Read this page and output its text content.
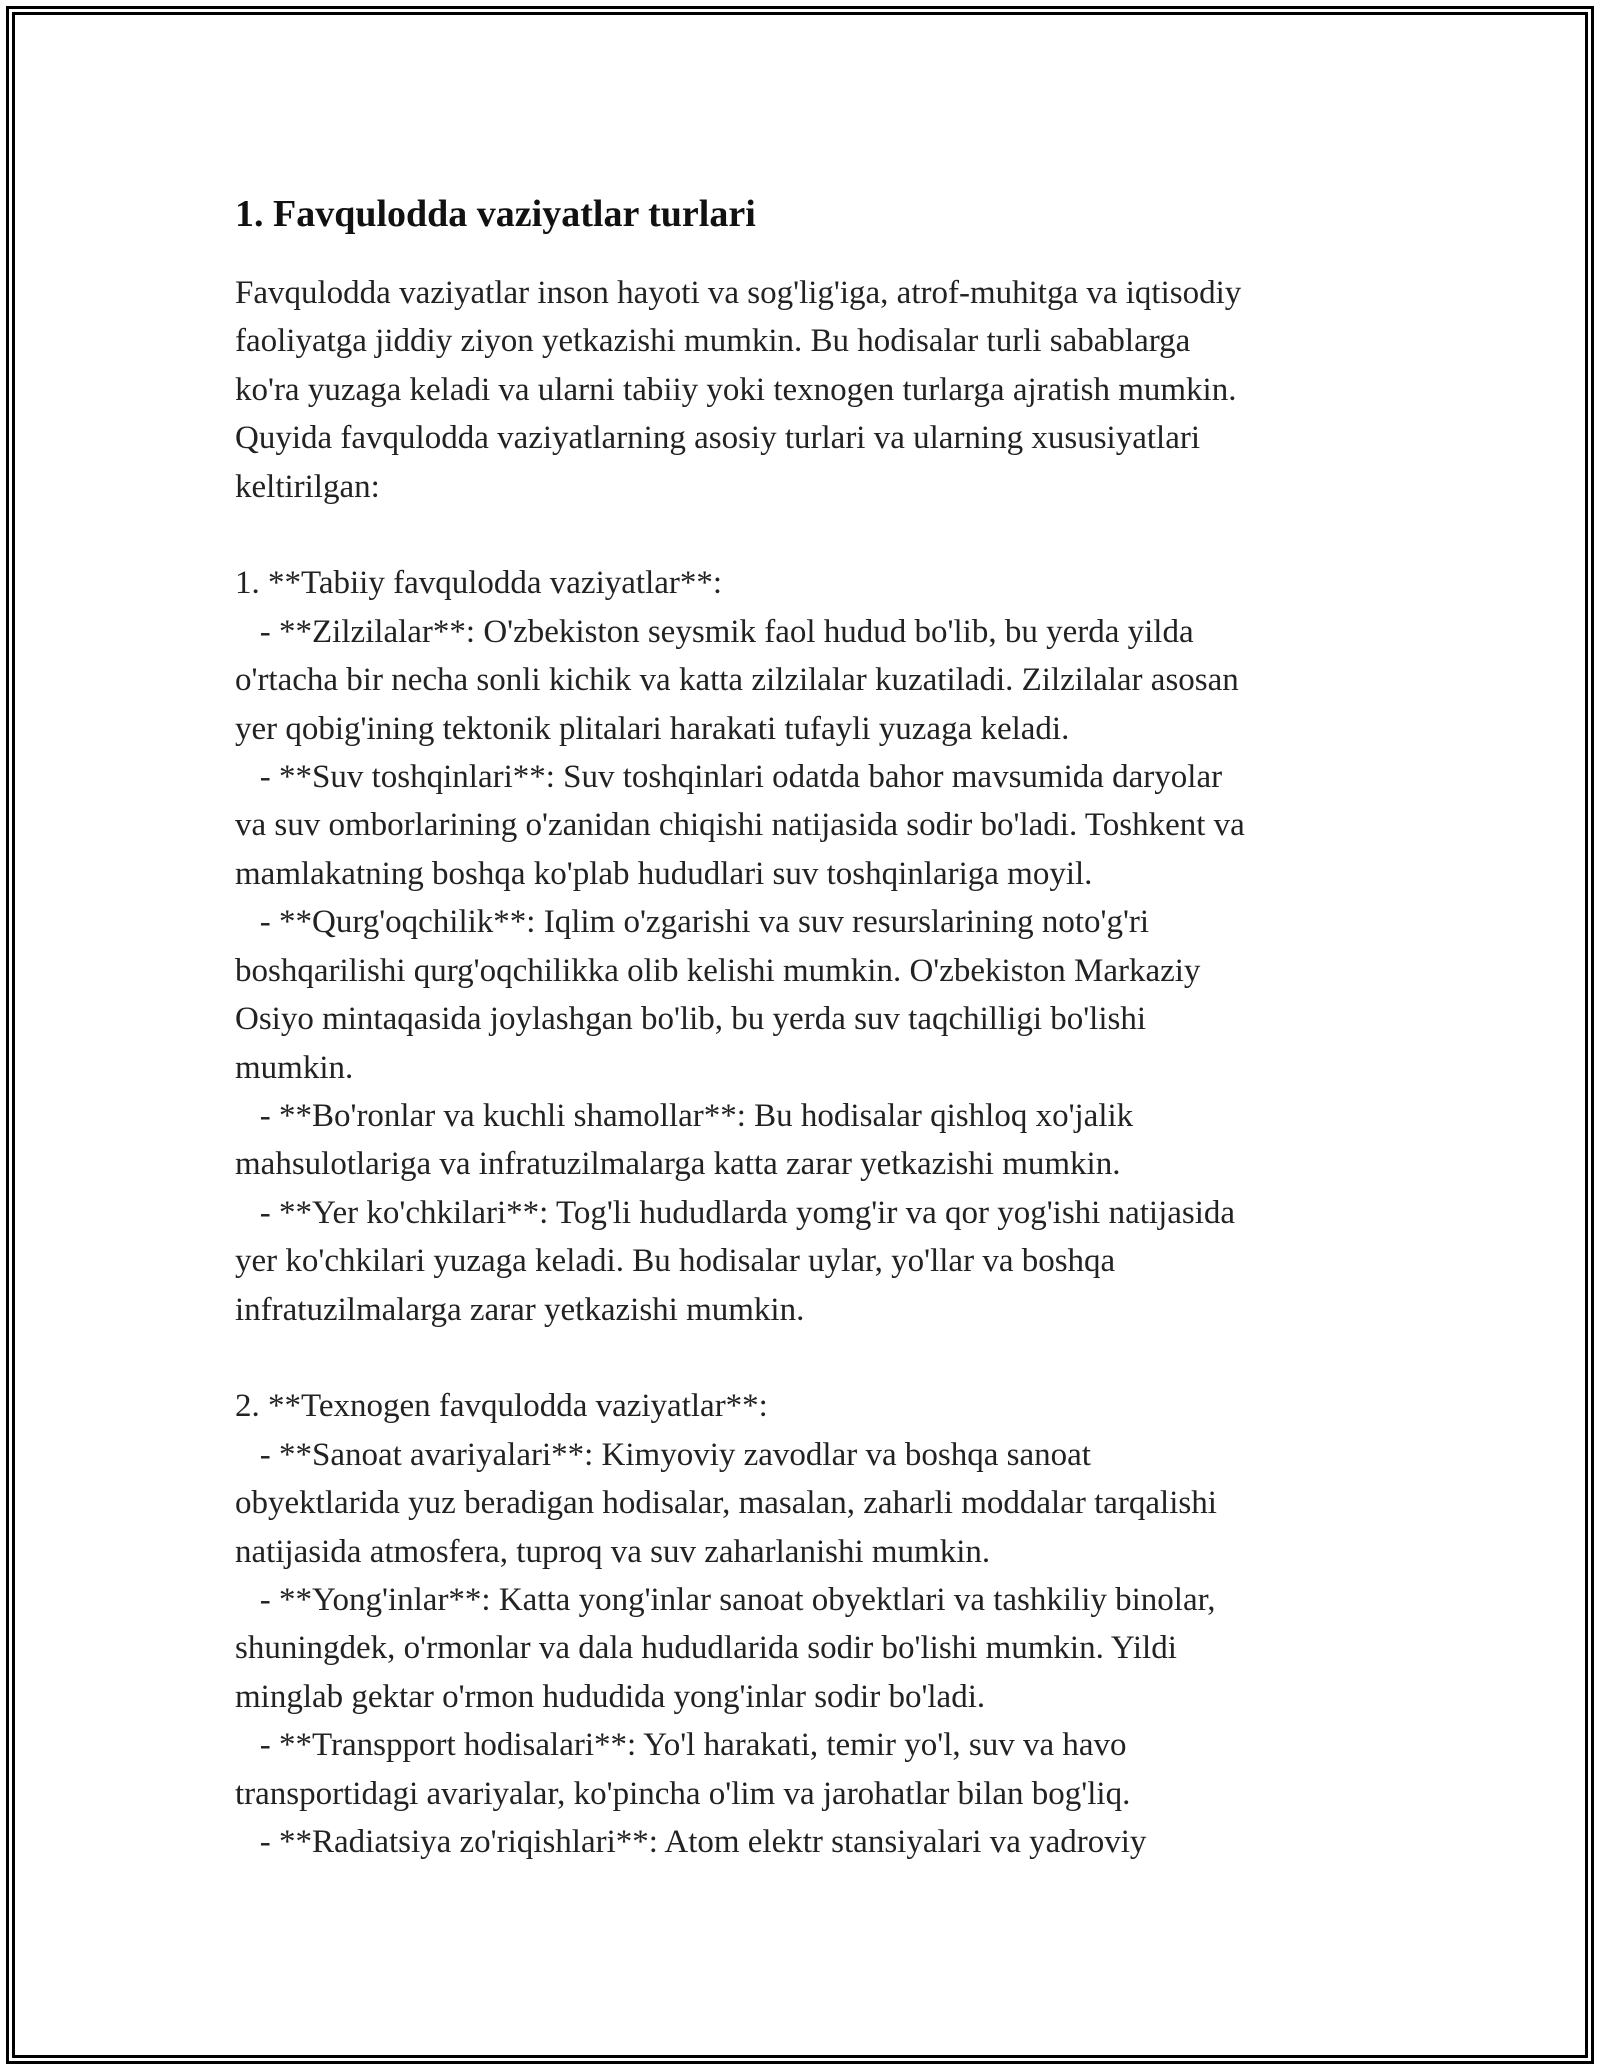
1. Favqulodda vaziyatlar turlari

Favqulodda vaziyatlar inson hayoti va sog'lig'iga, atrof-muhitga va iqtisodiy
faoliyatga jiddiy ziyon yetkazishi mumkin. Bu hodisalar turli sabablarga
ko'ra yuzaga keladi va ularni tabiiy yoki texnogen turlarga ajratish mumkin.
Quyida favqulodda vaziyatlarning asosiy turlari va ularning xususiyatlari
keltirilgan:

1. **Tabiiy favqulodda vaziyatlar**:
- **Zilzilalar**: O'zbekiston seysmik faol hudud bo'lib, bu yerda yilda
o'rtacha bir necha sonli kichik va katta zilzilalar kuzatiladi. Zilzilalar asosan
yer qobig'ining tektonik plitalari harakati tufayli yuzaga keladi.
- **Suv toshqinlari**: Suv toshqinlari odatda bahor mavsumida daryolar
va suv omborlarining o'zanidan chiqishi natijasida sodir bo'ladi. Toshkent va
mamlakatning boshqa ko'plab hududlari suv toshqinlariga moyil.
- **Qurg'oqchilik**: Iqlim o'zgarishi va suv resurslarining noto'g'ri
boshqarilishi qurg'oqchilikka olib kelishi mumkin. O'zbekiston Markaziy
Osiyo mintaqasida joylashgan bo'lib, bu yerda suv taqchilligi bo'lishi
mumkin.
- **Bo'ronlar va kuchli shamollar**: Bu hodisalar qishloq xo'jalik
mahsulotlariga va infratuzilmalarga katta zarar yetkazishi mumkin.
- **Yer ko'chkilari**: Tog'li hududlarda yomg'ir va qor yog'ishi natijasida
yer ko'chkilari yuzaga keladi. Bu hodisalar uylar, yo'llar va boshqa
infratuzilmalarga zarar yetkazishi mumkin.

2. **Texnogen favqulodda vaziyatlar**:
- **Sanoat avariyalari**: Kimyoviy zavodlar va boshqa sanoat
obyektlarida yuz beradigan hodisalar, masalan, zaharli moddalar tarqalishi
natijasida atmosfera, tuproq va suv zaharlanishi mumkin.
- **Yong'inlar**: Katta yong'inlar sanoat obyektlari va tashkiliy binolar,
shuningdek, o'rmonlar va dala hududlarida sodir bo'lishi mumkin. Yildi
minglab gektar o'rmon hududida yong'inlar sodir bo'ladi.
- **Transpport hodisalari**: Yo'l harakati, temir yo'l, suv va havo
transportidagi avariyalar, ko'pincha o'lim va jarohatlar bilan bog'liq.
- **Radiatsiya zo'riqishlari**: Atom elektr stansiyalari va yadroviy
